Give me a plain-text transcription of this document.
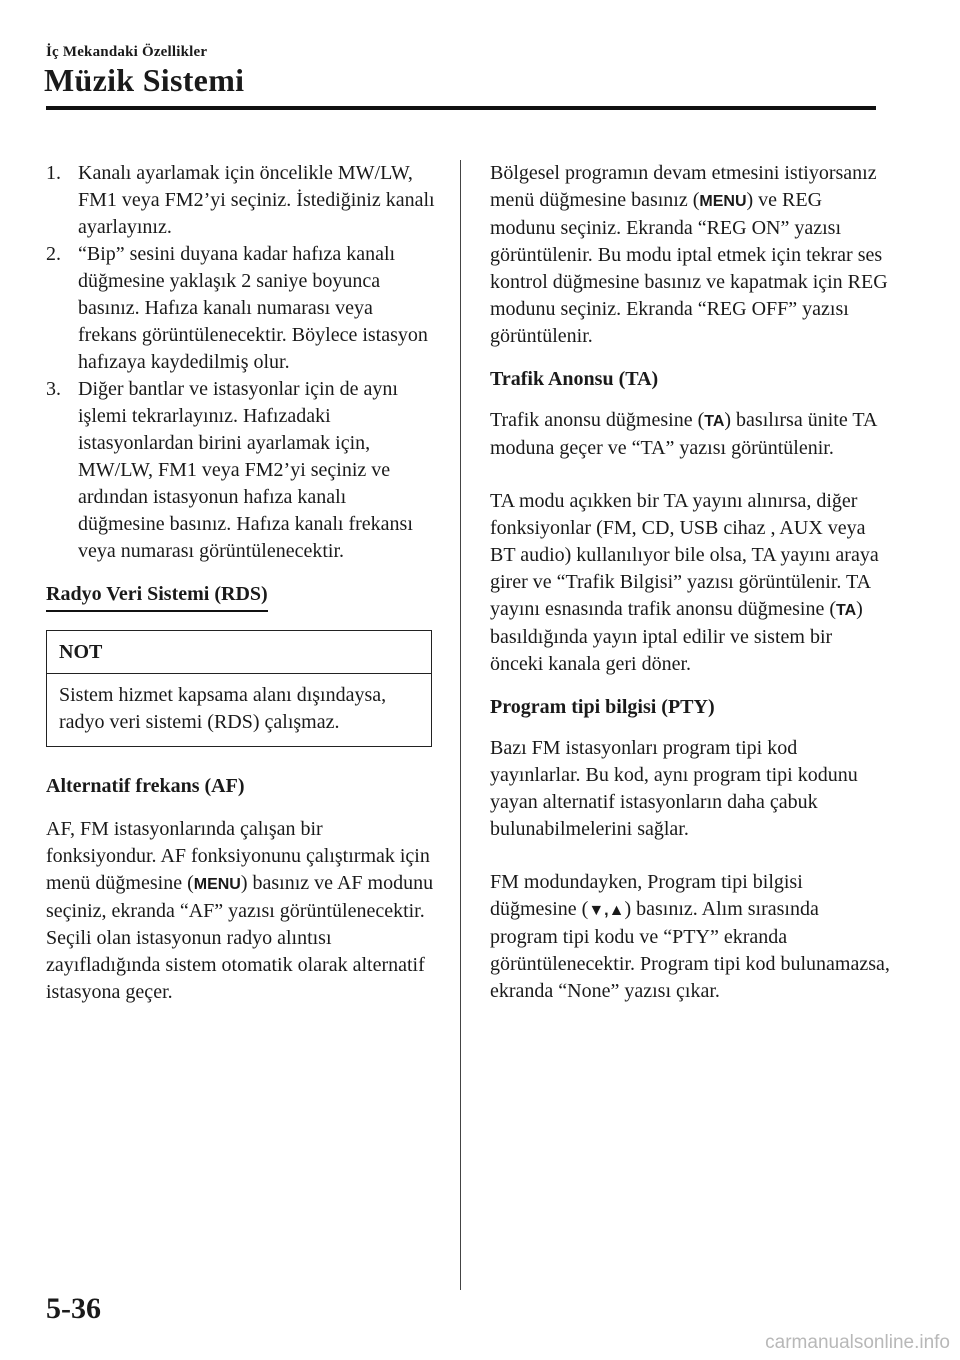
İç Mekandaki Özellikler
Müzik Sistemi
1. Kanalı ayarlamak için öncelikle MW/LW, FM1 veya FM2’yi seçiniz. İstediğiniz kanalı ayarlayınız.
2. “Bip” sesini duyana kadar hafıza kanalı düğmesine yaklaşık 2 saniye boyunca basınız. Hafıza kanalı numarası veya frekans görüntülenecektir. Böylece istasyon hafızaya kaydedilmiş olur.
3. Diğer bantlar ve istasyonlar için de aynı işlemi tekrarlayınız. Hafızadaki istasyonlardan birini ayarlamak için, MW/LW, FM1 veya FM2’yi seçiniz ve ardından istasyonun hafıza kanalı düğmesine basınız. Hafıza kanalı frekansı veya numarası görüntülenecektir.
Radyo Veri Sistemi (RDS)
NOT
Sistem hizmet kapsama alanı dışındaysa, radyo veri sistemi (RDS) çalışmaz.

Alternatif frekans (AF)

AF, FM istasyonlarında çalışan bir fonksiyondur. AF fonksiyonunu çalıştırmak için menü düğmesine (MENU) basınız ve AF modunu seçiniz, ekranda “AF” yazısı görüntülenecektir. Seçili olan istasyonun radyo alıntısı zayıfladığında sistem otomatik olarak alternatif istasyona geçer.

Bölgesel programın devam etmesini istiyorsanız menü düğmesine basınız (MENU) ve REG modunu seçiniz. Ekranda “REG ON” yazısı görüntülenir. Bu modu iptal etmek için tekrar ses kontrol düğmesine basınız ve kapatmak için REG modunu seçiniz. Ekranda “REG OFF” yazısı görüntülenir.

Trafik Anonsu (TA)

Trafik anonsu düğmesine (TA) basılırsa ünite TA moduna geçer ve “TA” yazısı görüntülenir.

TA modu açıkken bir TA yayını alınırsa, diğer fonksiyonlar (FM, CD, USB cihaz , AUX veya BT audio) kullanılıyor bile olsa, TA yayını araya girer ve “Trafik Bilgisi” yazısı görüntülenir. TA yayını esnasında trafik anonsu düğmesine (TA) basıldığında yayın iptal edilir ve sistem bir önceki kanala geri döner.

Program tipi bilgisi (PTY)

Bazı FM istasyonları program tipi kod yayınlarlar. Bu kod, aynı program tipi kodunu yayan alternatif istasyonların daha çabuk bulunabilmelerini sağlar.

FM modundayken, Program tipi bilgisi düğmesine (▼,▲) basınız. Alım sırasında program tipi kodu ve “PTY” ekranda görüntülenecektir. Program tipi kod bulunamazsa, ekranda “None” yazısı çıkar.

5-36
carmanualsonline.info
